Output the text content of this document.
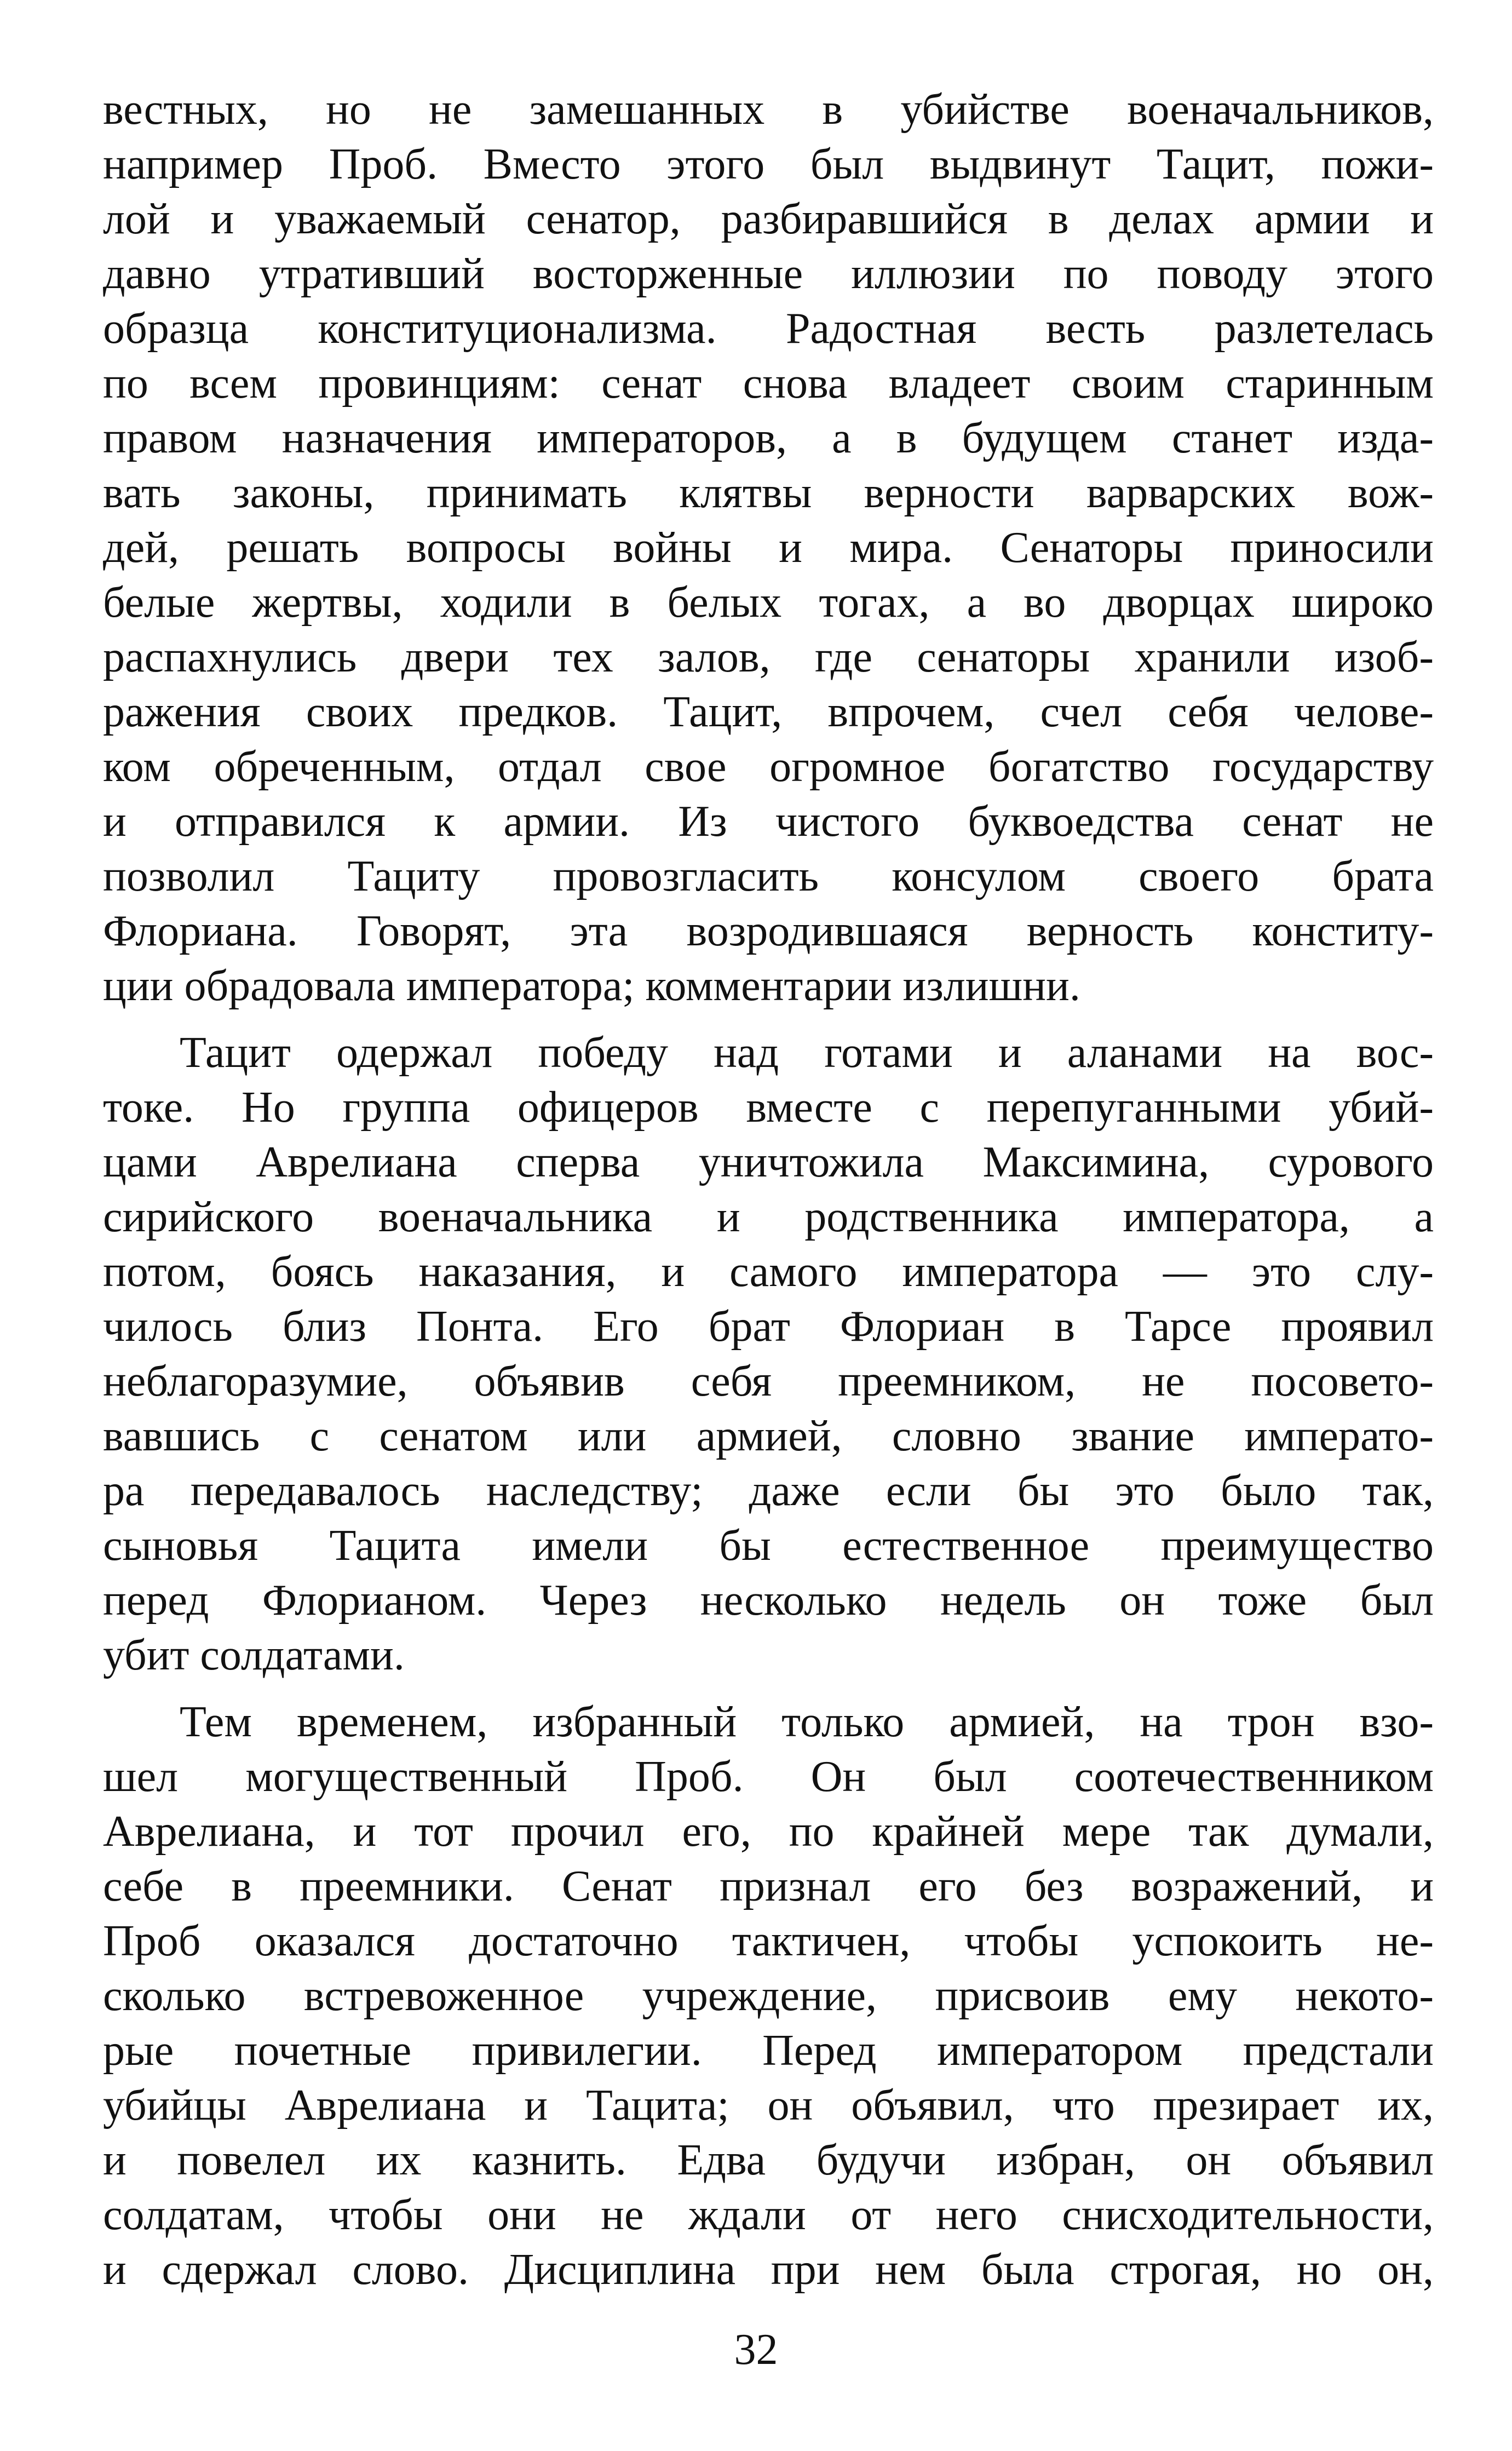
вестных, но не замешанных в убийстве военачальников,
например Проб. Вместо этого был выдвинут Тацит, пожи-
лой и уважаемый сенатор, разбиравшийся в делах армии и
давно утративший восторженные иллюзии по поводу этого
образца конституционализма. Радостная весть разлетелась
по всем провинциям: сенат снова владеет своим старинным
правом назначения императоров, а в будущем станет изда-
вать законы, принимать клятвы верности варварских вож-
дей, решать вопросы войны и мира. Сенаторы приносили
белые жертвы, ходили в белых тогах, а во дворцах широко
распахнулись двери тех залов, где сенаторы хранили изоб-
ражения своих предков. Тацит, впрочем, счел себя челове-
ком обреченным, отдал свое огромное богатство государству
и отправился к армии. Из чистого буквоедства сенат не
позволил Тациту провозгласить консулом своего брата
Флориана. Говорят, эта возродившаяся верность конститу-
ции обрадовала императора; комментарии излишни.
Тацит одержал победу над готами и аланами на вос-
токе. Но группа офицеров вместе с перепуганными убий-
цами Аврелиана сперва уничтожила Максимина, сурового
сирийского военачальника и родственника императора, а
потом, боясь наказания, и самого императора — это слу-
чилось близ Понта. Его брат Флориан в Тарсе проявил
неблагоразумие, объявив себя преемником, не посовето-
вавшись с сенатом или армией, словно звание императо-
ра передавалось наследству; даже если бы это было так,
сыновья Тацита имели бы естественное преимущество
перед Флорианом. Через несколько недель он тоже был
убит солдатами.
Тем временем, избранный только армией, на трон взо-
шел могущественный Проб. Он был соотечественником
Аврелиана, и тот прочил его, по крайней мере так думали,
себе в преемники. Сенат признал его без возражений, и
Проб оказался достаточно тактичен, чтобы успокоить не-
сколько встревоженное учреждение, присвоив ему некото-
рые почетные привилегии. Перед императором предстали
убийцы Аврелиана и Тацита; он объявил, что презирает их,
и повелел их казнить. Едва будучи избран, он объявил
солдатам, чтобы они не ждали от него снисходительности,
и сдержал слово. Дисциплина при нем была строгая, но он,
32
